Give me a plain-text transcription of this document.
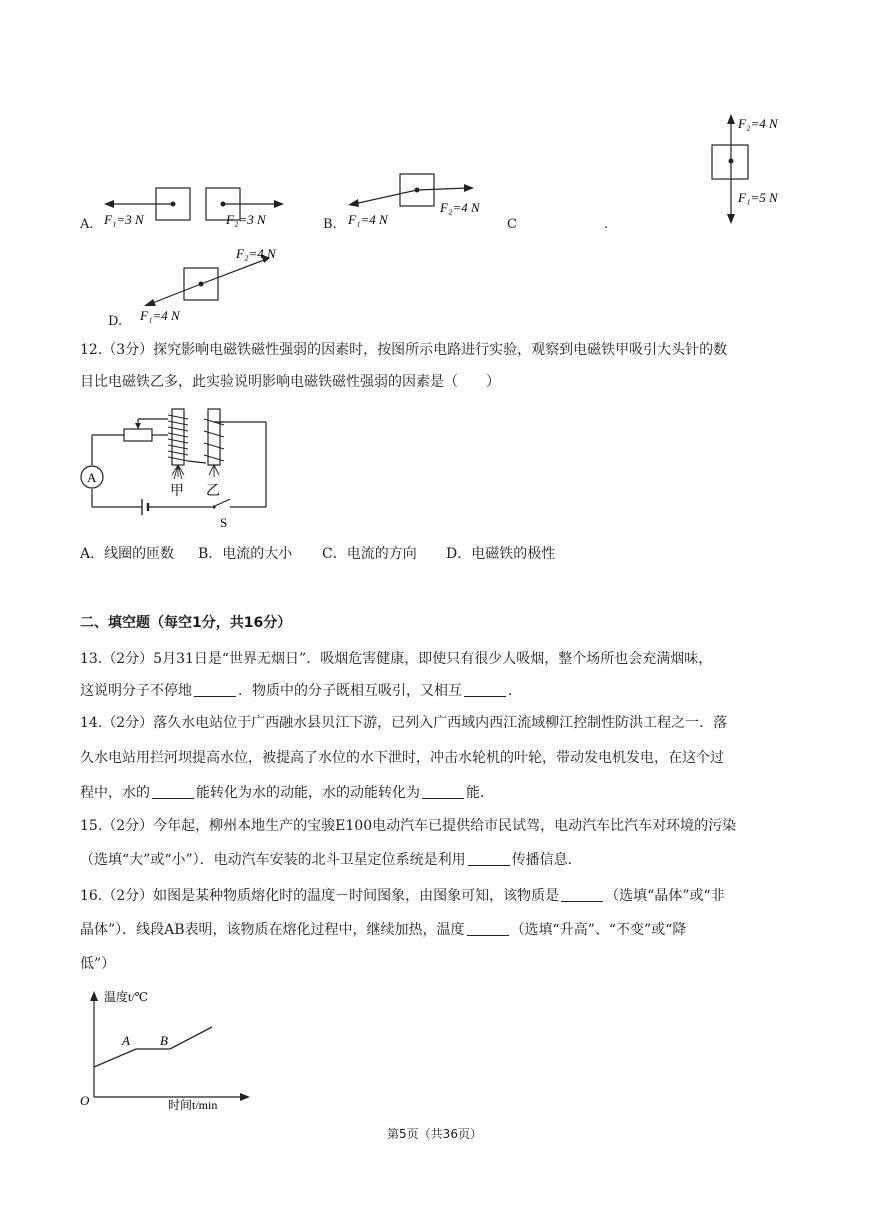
A. F₁=3 N	F₂=3 N	B. F₁=4 N
F₂=4 N
C	.
F₂=4 N
F₁=5 N
D. F₁=4 N
F₂=4 N
12.（3分）探究影响电磁铁磁性强弱的因素时，按图所示电路进行实验，观察到电磁铁甲吸引大头针的数
目比电磁铁乙多，此实验说明影响电磁铁磁性强弱的因素是（　　）
A
甲 乙
S
A．线圈的匝数 B．电流的大小 C．电流的方向 D．电磁铁的极性
二、填空题（每空1分，共16分）
13.（2分）5月31日是“世界无烟日”．吸烟危害健康，即使只有很少人吸烟，整个场所也会充满烟味，
这说明分子不停地	．物质中的分子既相互吸引，又相互	．
14.（2分）落久水电站位于广西融水县贝江下游，已列入广西域内西江流域柳江控制性防洪工程之一．落
久水电站用拦河坝提高水位，被提高了水位的水下泄时，冲击水轮机的叶轮，带动发电机发电，在这个过
程中，水的	能转化为水的动能，水的动能转化为	能．
15.（2分）今年起，柳州本地生产的宝骏E100电动汽车已提供给市民试驾，电动汽车比汽车对环境的污染
（选填“大”或“小”）．电动汽车安装的北斗卫星定位系统是利用	传播信息．
16.（2分）如图是某种物质熔化时的温度－时间图象，由图象可知，该物质是	（选填“晶体”或“非
晶体”）．线段AB表明，该物质在熔化过程中，继续加热，温度	（选填“升高”、“不变”或“降
低”）
温度t/℃
时间t/min
O
A B
第5页（共36页）
